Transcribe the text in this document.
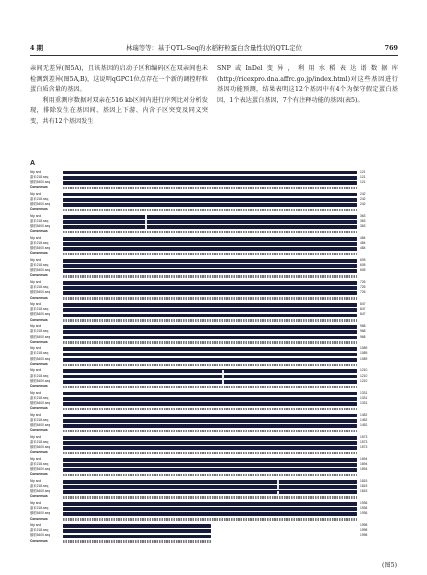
4 期	林瑞等等：基于QTL-Seq的水稻籽粒蛋白含量性状的QTL定位	769

亲间无差异(图5A)，且该基因的启动子区和编码区在双亲间也未检测到差异(图5A,B)，这说明qGPC1位点存在一个新的调控籽粒蛋白质含量的基因。

利用重测序数据对双亲在516 kb区间内进行序列比对分析发现，排除发生在基因间、基因上下游、内含子区突变及同义突变，共有12个基因发生

SNP或InDel变异，利用水稻表达谱数据库(http://ricexpro.dna.affrc.go.jp/index.html)对这些基因进行基因功能预测，结果表明这12个基因中有4个为保守假定蛋白基因，1个表达蛋白基因，7个有注释功能的基因(表5)。

A
Nip snd	121
嘉禾218.seq	121
镇稻5400.seq	121
Consensus
Nip snd	242
嘉禾218.seq	242
镇稻5400.seq	242
Consensus
Nip snd	363
嘉禾218.seq	363
镇稻5400.seq	363
Consensus
Nip snd	484
嘉禾218.seq	484
镇稻5400.seq	484
Consensus
Nip snd	605
嘉禾218.seq	605
镇稻5400.seq	605
Consensus
Nip snd	726
嘉禾218.seq	726
镇稻5400.seq	726
Consensus
Nip snd	847
嘉禾218.seq	847
镇稻5400.seq	847
Consensus
Nip snd	968
嘉禾218.seq	968
镇稻5400.seq	968
Consensus
Nip snd	1089
嘉禾218.seq	1089
镇稻5400.seq	1089
Consensus
Nip snd	1210
嘉禾218.seq	1210
镇稻5400.seq	1210
Consensus
Nip snd	1331
嘉禾218.seq	1331
镇稻5400.seq	1331
Consensus
Nip snd	1452
嘉禾218.seq	1452
镇稻5400.seq	1452
Consensus
Nip snd	1573
嘉禾218.seq	1573
镇稻5400.seq	1573
Consensus
Nip snd	1694
嘉禾218.seq	1694
镇稻5400.seq	1694
Consensus
Nip snd	1815
嘉禾218.seq	1815
镇稻5400.seq	1815
Consensus
Nip snd	1936
嘉禾218.seq	1936
镇稻5400.seq	1936
Consensus
Nip snd	1998
嘉禾218.seq	1998
镇稻5400.seq	1998
Consensus
(图5)
